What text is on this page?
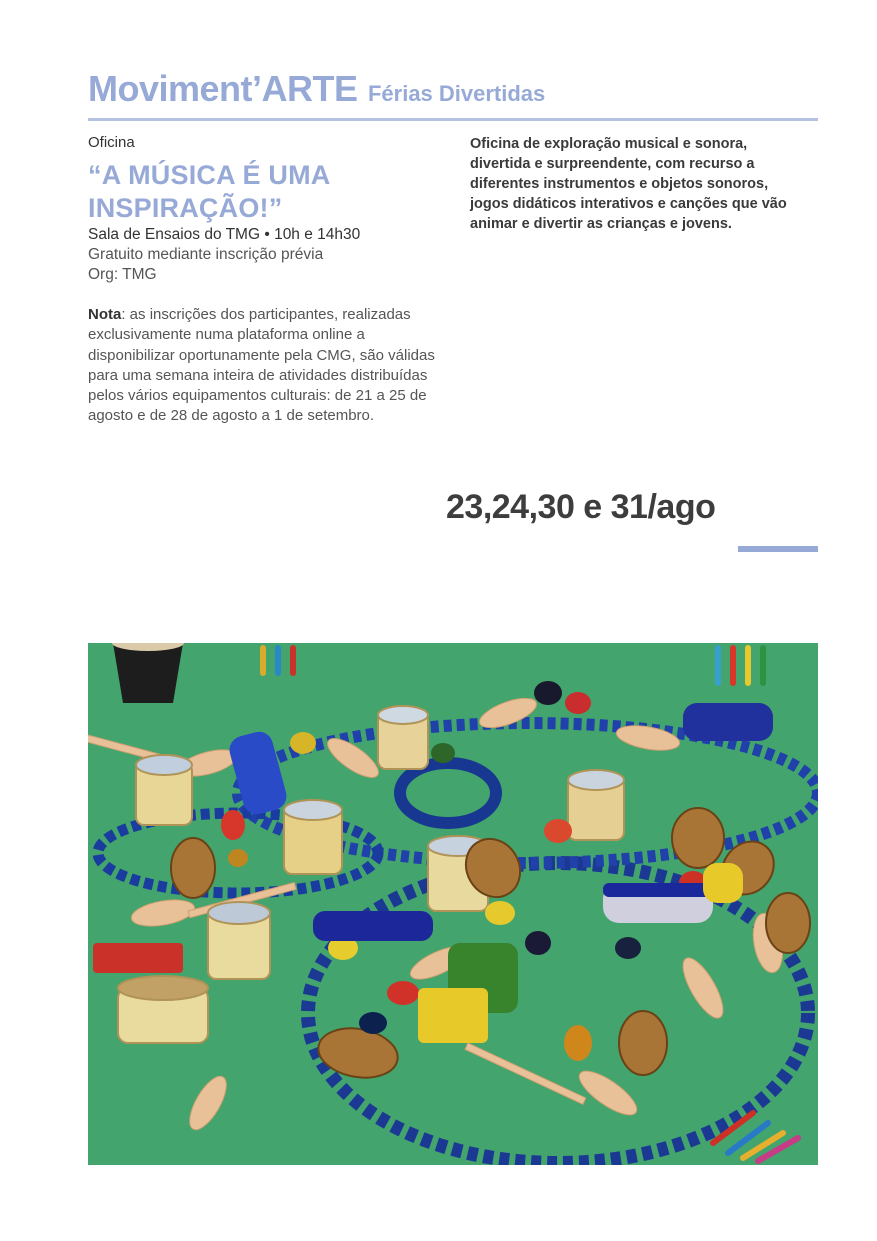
Moviment’ARTE Férias Divertidas
Oficina
“A MÚSICA É UMA INSPIRAÇÃO!”
Sala de Ensaios do TMG • 10h e 14h30
Gratuito mediante inscrição prévia
Org: TMG
Nota: as inscrições dos participantes, realizadas exclusivamente numa plataforma online a disponibilizar oportunamente pela CMG, são válidas para uma semana inteira de atividades distribuídas pelos vários equipamentos culturais: de 21 a 25 de agosto e de 28 de agosto a 1 de setembro.
Oficina de exploração musical e sonora, divertida e surpreendente, com recurso a diferentes instrumentos e objetos sonoros, jogos didáticos interativos e canções que vão animar e divertir as crianças e jovens.
23,24,30 e 31/ago
